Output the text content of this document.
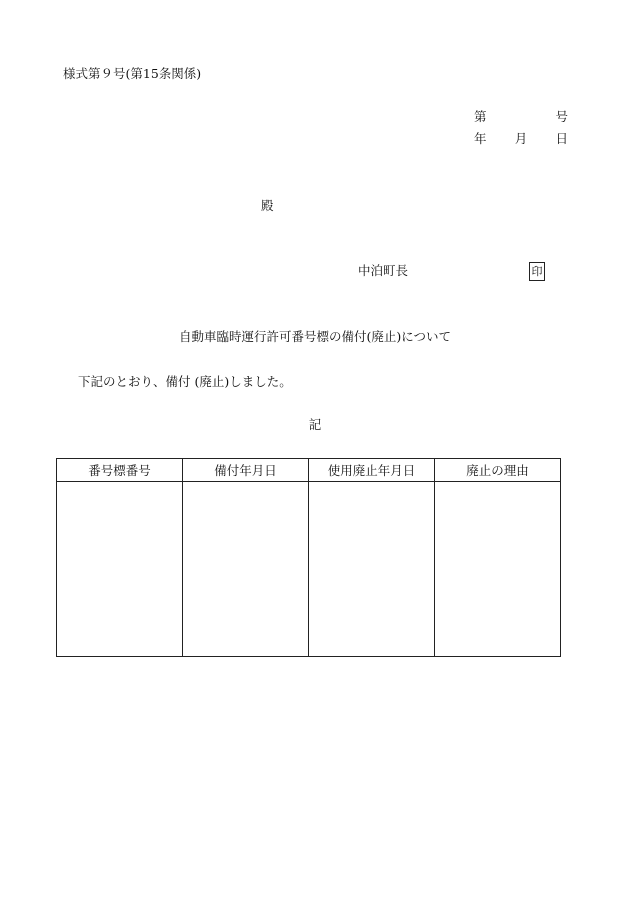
様式第９号(第15条関係)
第	号
年 月 日
殿
中泊町長	印
自動車臨時運行許可番号標の備付(廃止)について
下記のとおり、備付 (廃止)しました。
記
番号標番号	備付年月日	使用廃止年月日	廃止の理由
